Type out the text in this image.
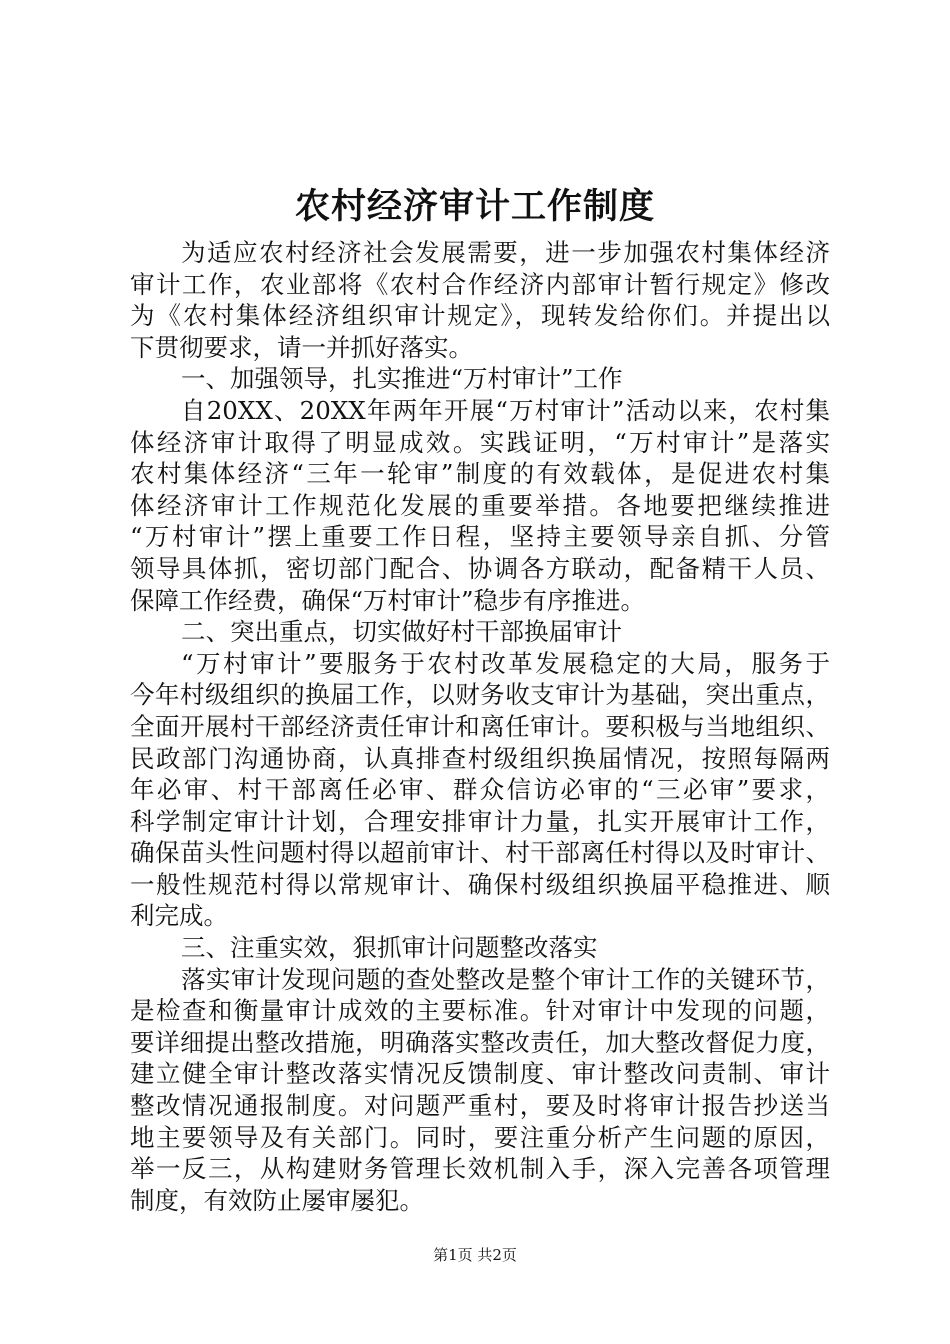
农村经济审计工作制度
为适应农村经济社会发展需要，进一步加强农村集体经济
审计工作，农业部将《农村合作经济内部审计暂行规定》修改
为《农村集体经济组织审计规定》，现转发给你们。并提出以
下贯彻要求，请一并抓好落实。
一、加强领导，扎实推进“万村审计”工作
自20XX、20XX年两年开展“万村审计”活动以来，农村集
体经济审计取得了明显成效。实践证明，“万村审计”是落实
农村集体经济“三年一轮审”制度的有效载体，是促进农村集
体经济审计工作规范化发展的重要举措。各地要把继续推进
“万村审计”摆上重要工作日程，坚持主要领导亲自抓、分管
领导具体抓，密切部门配合、协调各方联动，配备精干人员、
保障工作经费，确保“万村审计”稳步有序推进。
二、突出重点，切实做好村干部换届审计
“万村审计”要服务于农村改革发展稳定的大局，服务于
今年村级组织的换届工作，以财务收支审计为基础，突出重点，
全面开展村干部经济责任审计和离任审计。要积极与当地组织、
民政部门沟通协商，认真排查村级组织换届情况，按照每隔两
年必审、村干部离任必审、群众信访必审的“三必审”要求，
科学制定审计计划，合理安排审计力量，扎实开展审计工作，
确保苗头性问题村得以超前审计、村干部离任村得以及时审计、
一般性规范村得以常规审计、确保村级组织换届平稳推进、顺
利完成。
三、注重实效，狠抓审计问题整改落实
落实审计发现问题的查处整改是整个审计工作的关键环节，
是检查和衡量审计成效的主要标准。针对审计中发现的问题，
要详细提出整改措施，明确落实整改责任，加大整改督促力度，
建立健全审计整改落实情况反馈制度、审计整改问责制、审计
整改情况通报制度。对问题严重村，要及时将审计报告抄送当
地主要领导及有关部门。同时，要注重分析产生问题的原因，
举一反三，从构建财务管理长效机制入手，深入完善各项管理
制度，有效防止屡审屡犯。
第1页 共2页
